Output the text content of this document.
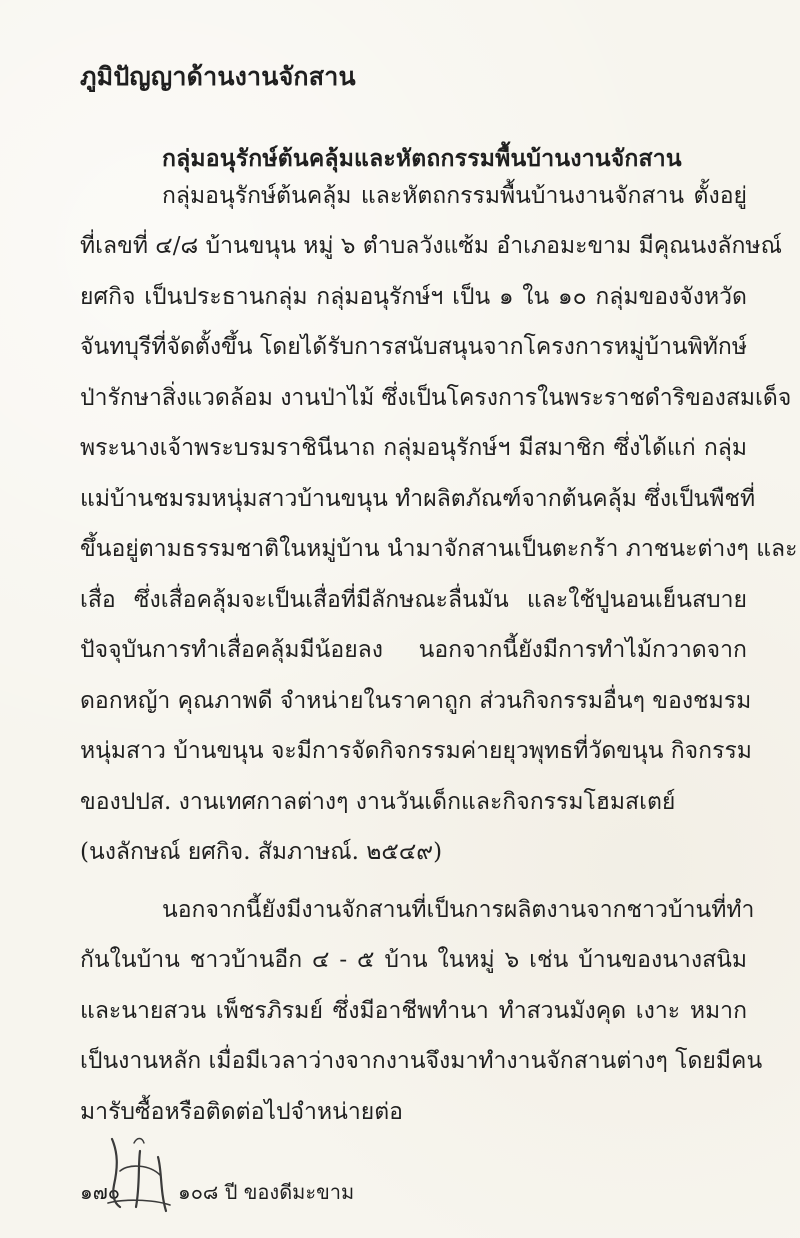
ภูมิปัญญาด้านงานจักสาน
กลุ่มอนุรักษ์ต้นคลุ้มและหัตถกรรมพื้นบ้านงานจักสาน

กลุ่มอนุรักษ์ต้นคลุ้ม และหัตถกรรมพื้นบ้านงานจักสาน ตั้งอยู่

ที่เลขที่ ๔/๘ บ้านขนุน หมู่ ๖ ตำบลวังแซ้ม อำเภอมะขาม มีคุณนงลักษณ์

ยศกิจ เป็นประธานกลุ่ม กลุ่มอนุรักษ์ฯ เป็น ๑ ใน ๑๐ กลุ่มของจังหวัด

จันทบุรีที่จัดตั้งขึ้น โดยได้รับการสนับสนุนจากโครงการหมู่บ้านพิทักษ์

ป่ารักษาสิ่งแวดล้อม งานป่าไม้ ซึ่งเป็นโครงการในพระราชดำริของสมเด็จ

พระนางเจ้าพระบรมราชินีนาถ กลุ่มอนุรักษ์ฯ มีสมาชิก ซึ่งได้แก่ กลุ่ม

แม่บ้านชมรมหนุ่มสาวบ้านขนุน ทำผลิตภัณฑ์จากต้นคลุ้ม ซึ่งเป็นพืชที่

ขึ้นอยู่ตามธรรมชาติในหมู่บ้าน นำมาจักสานเป็นตะกร้า ภาชนะต่างๆ และ

เสื่อ ซึ่งเสื่อคลุ้มจะเป็นเสื่อที่มีลักษณะลื่นมัน และใช้ปูนอนเย็นสบาย

ปัจจุบันการทำเสื่อคลุ้มมีน้อยลง นอกจากนี้ยังมีการทำไม้กวาดจาก

ดอกหญ้า คุณภาพดี จำหน่ายในราคาถูก ส่วนกิจกรรมอื่นๆ ของชมรม

หนุ่มสาว บ้านขนุน จะมีการจัดกิจกรรมค่ายยุวพุทธที่วัดขนุน กิจกรรม

ของปปส. งานเทศกาลต่างๆ งานวันเด็กและกิจกรรมโฮมสเตย์

(นงลักษณ์ ยศกิจ. สัมภาษณ์. ๒๕๔๙)

นอกจากนี้ยังมีงานจักสานที่เป็นการผลิตงานจากชาวบ้านที่ทำ

กันในบ้าน ชาวบ้านอีก ๔ - ๕ บ้าน ในหมู่ ๖ เช่น บ้านของนางสนิม

และนายสวน เพ็ชรภิรมย์ ซึ่งมีอาชีพทำนา ทำสวนมังคุด เงาะ หมาก

เป็นงานหลัก เมื่อมีเวลาว่างจากงานจึงมาทำงานจักสานต่างๆ โดยมีคน

มารับซื้อหรือติดต่อไปจำหน่ายต่อ

๑๗๐	๑๐๘ ปี ของดีมะขาม
